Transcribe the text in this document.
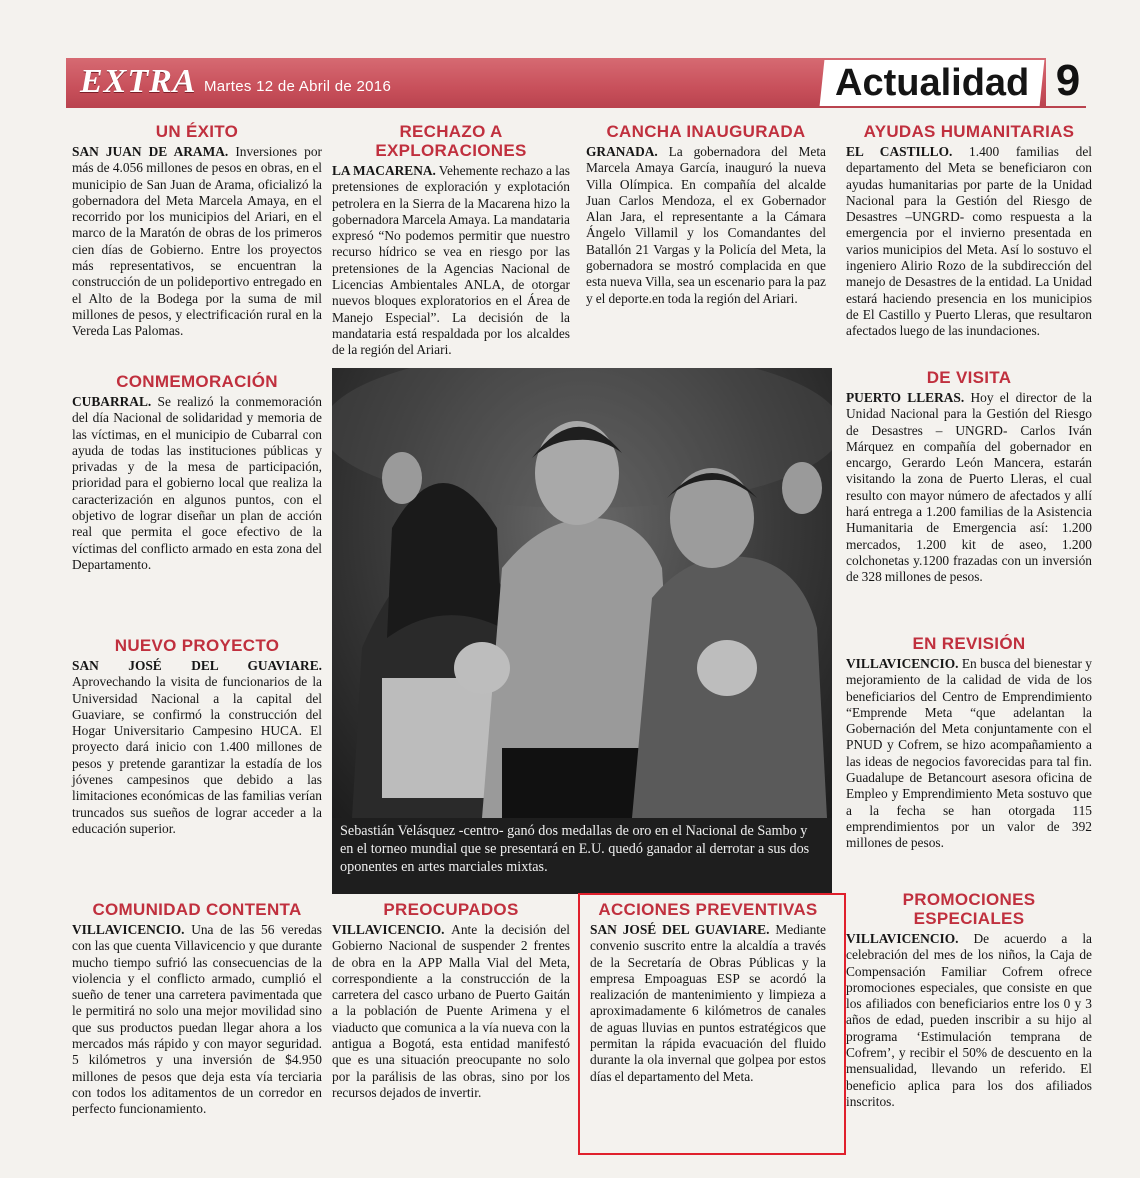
EXTRA Martes 12 de Abril de 2016	Actualidad 9
UN ÉXITO

SAN JUAN DE ARAMA. Inversiones por más de 4.056 millones de pesos en obras, en el municipio de San Juan de Arama, oficializó la gobernadora del Meta Marcela Amaya, en el recorrido por los municipios del Ariari, en el marco de la Maratón de obras de los primeros cien días de Gobierno. Entre los proyectos más representativos, se encuentran la construcción de un polideportivo entregado en el Alto de la Bodega por la suma de mil millones de pesos, y electrificación rural en la Vereda Las Palomas.

CONMEMORACIÓN

CUBARRAL. Se realizó la conmemoración del día Nacional de solidaridad y memoria de las víctimas, en el municipio de Cubarral con ayuda de todas las instituciones públicas y privadas y de la mesa de participación, prioridad para el gobierno local que realiza la caracterización en algunos puntos, con el objetivo de lograr diseñar un plan de acción real que permita el goce efectivo de la víctimas del conflicto armado en esta zona del Departamento.

NUEVO PROYECTO

SAN JOSÉ DEL GUAVIARE. Aprovechando la visita de funcionarios de la Universidad Nacional a la capital del Guaviare, se confirmó la construcción del Hogar Universitario Campesino HUCA. El proyecto dará inicio con 1.400 millones de pesos y pretende garantizar la estadía de los jóvenes campesinos que debido a las limitaciones económicas de las familias verían truncados sus sueños de lograr acceder a la educación superior.

COMUNIDAD CONTENTA

VILLAVICENCIO. Una de las 56 veredas con las que cuenta Villavicencio y que durante mucho tiempo sufrió las consecuencias de la violencia y el conflicto armado, cumplió el sueño de tener una carretera pavimentada que le permitirá no solo una mejor movilidad sino que sus productos puedan llegar ahora a los mercados más rápido y con mayor seguridad. 5 kilómetros y una inversión de $4.950 millones de pesos que deja esta vía terciaria con todos los aditamentos de un corredor en perfecto funcionamiento.

RECHAZO A EXPLORACIONES

LA MACARENA. Vehemente rechazo a las pretensiones de exploración y explotación petrolera en la Sierra de la Macarena hizo la gobernadora Marcela Amaya. La mandataria expresó “No podemos permitir que nuestro recurso hídrico se vea en riesgo por las pretensiones de la Agencias Nacional de Licencias Ambientales ANLA, de otorgar nuevos bloques exploratorios en el Área de Manejo Especial”. La decisión de la mandataria está respaldada por los alcaldes de la región del Ariari.

PREOCUPADOS

VILLAVICENCIO. Ante la decisión del Gobierno Nacional de suspender 2 frentes de obra en la APP Malla Vial del Meta, correspondiente a la construcción de la carretera del casco urbano de Puerto Gaitán a la población de Puente Arimena y el viaducto que comunica a la vía nueva con la antigua a Bogotá, esta entidad manifestó que es una situación preocupante no solo por la parálisis de las obras, sino por los recursos dejados de invertir.

CANCHA INAUGURADA

GRANADA. La gobernadora del Meta Marcela Amaya García, inauguró la nueva Villa Olímpica. En compañía del alcalde Juan Carlos Mendoza, el ex Gobernador Alan Jara, el representante a la Cámara Ángelo Villamil y los Comandantes del Batallón 21 Vargas y la Policía del Meta, la gobernadora se mostró complacida en que esta nueva Villa, sea un escenario para la paz y el deporte.en toda la región del Ariari.

ACCIONES PREVENTIVAS

SAN JOSÉ DEL GUAVIARE. Mediante convenio suscrito entre la alcaldía a través de la Secretaría de Obras Públicas y la empresa Empoaguas ESP se acordó la realización de mantenimiento y limpieza a aproximadamente 6 kilómetros de canales de aguas lluvias en puntos estratégicos que permitan la rápida evacuación del fluido durante la ola invernal que golpea por estos días el departamento del Meta.

AYUDAS HUMANITARIAS

EL CASTILLO. 1.400 familias del departamento del Meta se beneficiaron con ayudas humanitarias por parte de la Unidad Nacional para la Gestión del Riesgo de Desastres –UNGRD- como respuesta a la emergencia por el invierno presentada en varios municipios del Meta. Así lo sostuvo el ingeniero Alirio Rozo de la subdirección del manejo de Desastres de la entidad. La Unidad estará haciendo presencia en los municipios de El Castillo y Puerto Lleras, que resultaron afectados luego de las inundaciones.

DE VISITA

PUERTO LLERAS. Hoy el director de la Unidad Nacional para la Gestión del Riesgo de Desastres – UNGRD- Carlos Iván Márquez en compañía del gobernador en encargo, Gerardo León Mancera, estarán visitando la zona de Puerto Lleras, el cual resulto con mayor número de afectados y allí hará entrega a 1.200 familias de la Asistencia Humanitaria de Emergencia así: 1.200 mercados, 1.200 kit de aseo, 1.200 colchonetas y.1200 frazadas con un inversión de 328 millones de pesos.

EN REVISIÓN

VILLAVICENCIO. En busca del bienestar y mejoramiento de la calidad de vida de los beneficiarios del Centro de Emprendimiento “Emprende Meta “que adelantan la Gobernación del Meta conjuntamente con el PNUD y Cofrem, se hizo acompañamiento a las ideas de negocios favorecidas para tal fin. Guadalupe de Betancourt asesora oficina de Empleo y Emprendimiento Meta sostuvo que a la fecha se han otorgada 115 emprendimientos por un valor de 392 millones de pesos.

PROMOCIONES ESPECIALES

VILLAVICENCIO. De acuerdo a la celebración del mes de los niños, la Caja de Compensación Familiar Cofrem ofrece promociones especiales, que consiste en que los afiliados con beneficiarios entre los 0 y 3 años de edad, pueden inscribir a su hijo al programa ‘Estimulación temprana de Cofrem’, y recibir el 50% de descuento en la mensualidad, llevando un referido. El beneficio aplica para los dos afiliados inscritos.

Sebastián Velásquez -centro- ganó dos medallas de oro en el Nacional de Sambo y en el torneo mundial que se presentará en E.U. quedó ganador al derrotar a sus dos oponentes en artes marciales mixtas.
